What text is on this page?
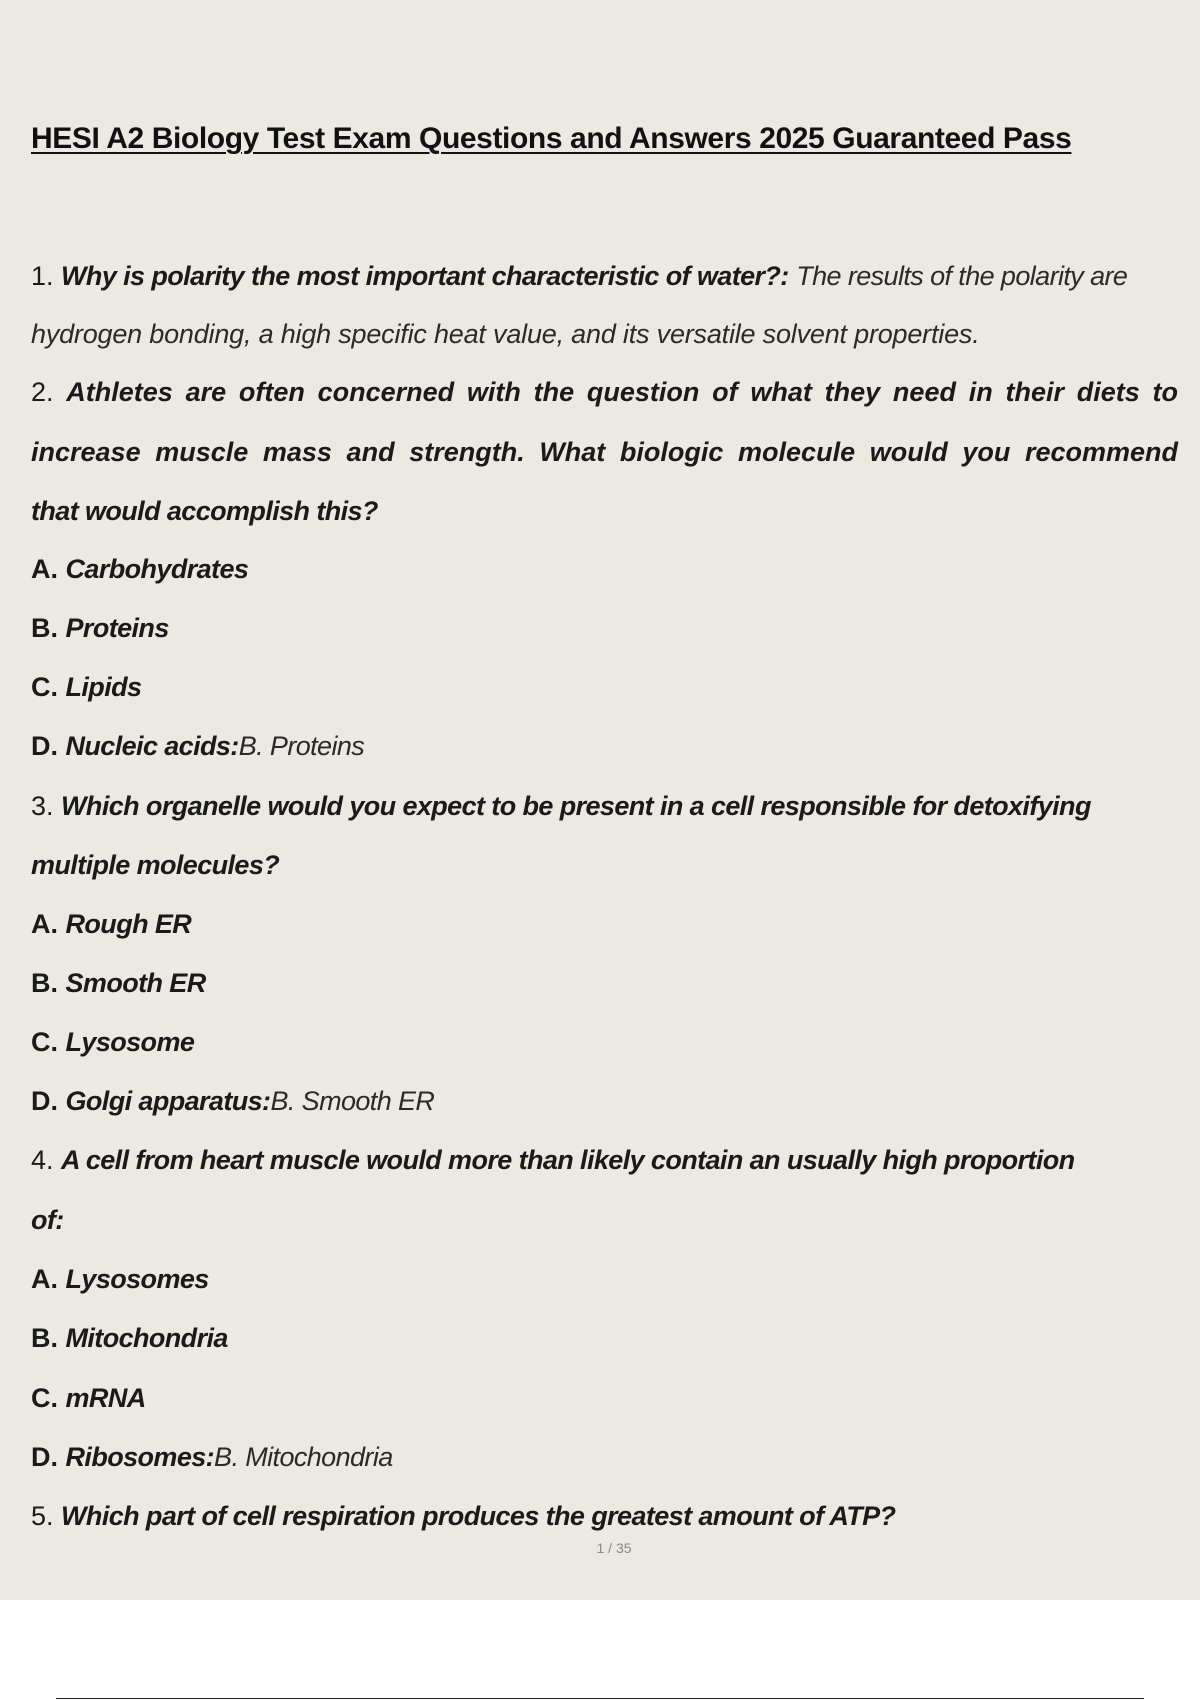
HESI A2 Biology Test Exam Questions and Answers 2025 Guaranteed Pass
1. Why is polarity the most important characteristic of water?: The results of the polarity are
hydrogen bonding, a high specific heat value, and its versatile solvent properties.
2. Athletes are often concerned with the question of what they need in their diets to
increase muscle mass and strength. What biologic molecule would you recommend
that would accomplish this?
A. Carbohydrates
B. Proteins
C. Lipids
D. Nucleic acids:B. Proteins
3. Which organelle would you expect to be present in a cell responsible for detoxifying
multiple molecules?
A. Rough ER
B. Smooth ER
C. Lysosome
D. Golgi apparatus:B. Smooth ER
4. A cell from heart muscle would more than likely contain an usually high proportion
of:
A. Lysosomes
B. Mitochondria
C. mRNA
D. Ribosomes:B. Mitochondria
5. Which part of cell respiration produces the greatest amount of ATP?
1 / 35
